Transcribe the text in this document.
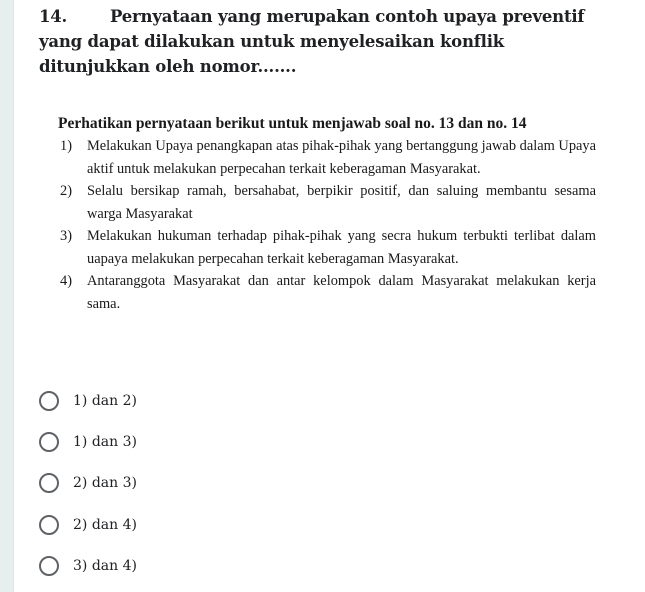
14.	Pernyataan yang merupakan contoh upaya preventif yang dapat dilakukan untuk menyelesaikan konflik ditunjukkan oleh nomor.......
Perhatikan pernyataan berikut untuk menjawab soal no. 13 dan no. 14
1) Melakukan Upaya penangkapan atas pihak-pihak yang bertanggung jawab dalam Upaya aktif untuk melakukan perpecahan terkait keberagaman Masyarakat.
2) Selalu bersikap ramah, bersahabat, berpikir positif, dan saluing membantu sesama warga Masyarakat
3) Melakukan hukuman terhadap pihak-pihak yang secra hukum terbukti terlibat dalam uapaya melakukan perpecahan terkait keberagaman Masyarakat.
4) Antaranggota Masyarakat dan antar kelompok dalam Masyarakat melakukan kerja sama.
1) dan 2)
1) dan 3)
2) dan 3)
2) dan 4)
3) dan 4)
